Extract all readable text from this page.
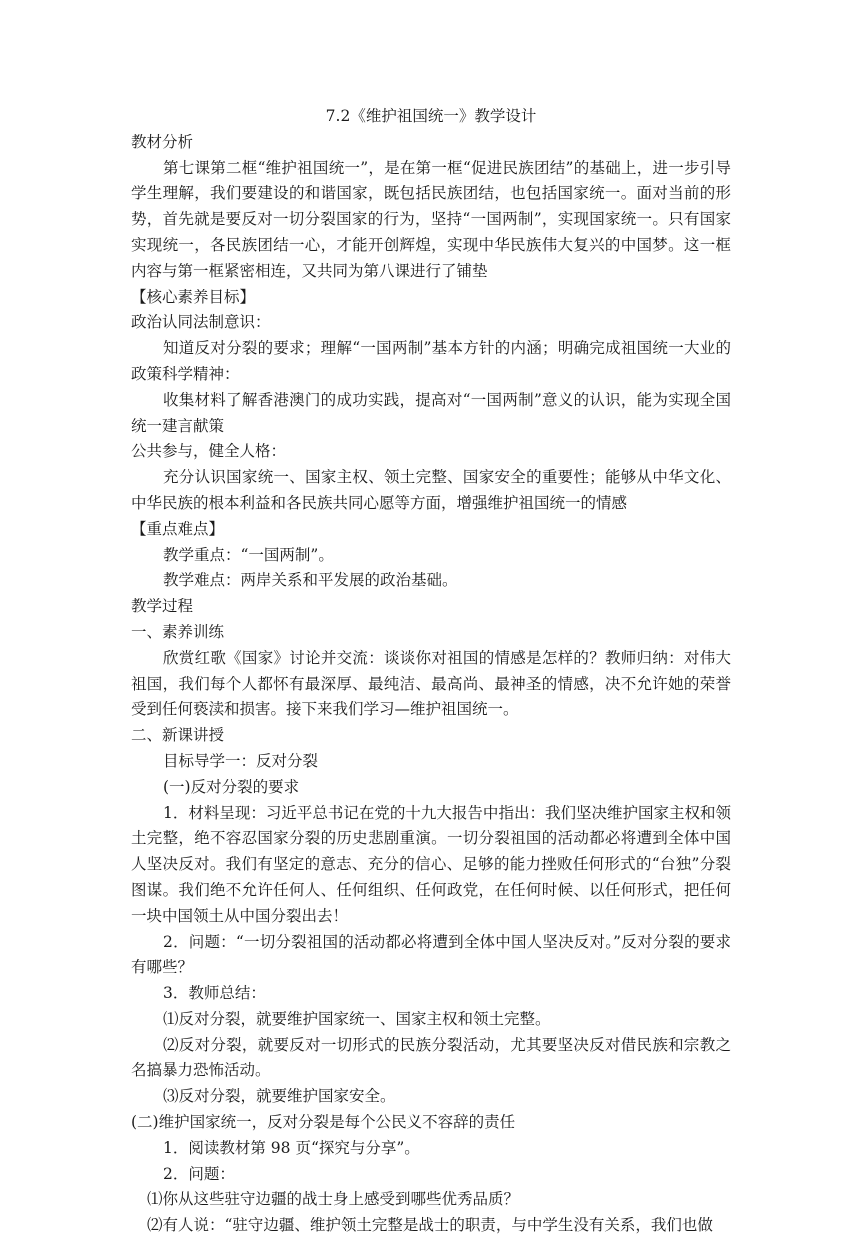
7.2《维护祖国统一》教学设计

教材分析

第七课第二框“维护祖国统一”，是在第一框“促进民族团结”的基础上，进一步引导学生理解，我们要建设的和谐国家，既包括民族团结，也包括国家统一。面对当前的形势，首先就是要反对一切分裂国家的行为，坚持“一国两制”，实现国家统一。只有国家实现统一，各民族团结一心，才能开创辉煌，实现中华民族伟大复兴的中国梦。这一框内容与第一框紧密相连，又共同为第八课进行了铺垫

【核心素养目标】

政治认同法制意识：

知道反对分裂的要求；理解“一国两制”基本方针的内涵；明确完成祖国统一大业的政策科学精神：

收集材料了解香港澳门的成功实践，提高对“一国两制”意义的认识，能为实现全国统一建言献策

公共参与，健全人格：

充分认识国家统一、国家主权、领土完整、国家安全的重要性；能够从中华文化、中华民族的根本利益和各民族共同心愿等方面，增强维护祖国统一的情感

【重点难点】

教学重点：“一国两制”。

教学难点：两岸关系和平发展的政治基础。

教学过程

一、素养训练

欣赏红歌《国家》讨论并交流：谈谈你对祖国的情感是怎样的？教师归纳：对伟大祖国，我们每个人都怀有最深厚、最纯洁、最高尚、最神圣的情感，决不允许她的荣誉受到任何亵渎和损害。接下来我们学习—维护祖国统一。

二、新课讲授

目标导学一：反对分裂

(一)反对分裂的要求

1．材料呈现：习近平总书记在党的十九大报告中指出：我们坚决维护国家主权和领土完整，绝不容忍国家分裂的历史悲剧重演。一切分裂祖国的活动都必将遭到全体中国人坚决反对。我们有坚定的意志、充分的信心、足够的能力挫败任何形式的“台独”分裂图谋。我们绝不允许任何人、任何组织、任何政党，在任何时候、以任何形式，把任何一块中国领土从中国分裂出去！

2．问题：“一切分裂祖国的活动都必将遭到全体中国人坚决反对。”反对分裂的要求有哪些？

3．教师总结：

⑴反对分裂，就要维护国家统一、国家主权和领土完整。

⑵反对分裂，就要反对一切形式的民族分裂活动，尤其要坚决反对借民族和宗教之名搞暴力恐怖活动。

⑶反对分裂，就要维护国家安全。

(二)维护国家统一，反对分裂是每个公民义不容辞的责任

1．阅读教材第 98 页“探究与分享”。

2．问题：

⑴你从这些驻守边疆的战士身上感受到哪些优秀品质？

⑵有人说：“驻守边疆、维护领土完整是战士的职责，与中学生没有关系，我们也做
